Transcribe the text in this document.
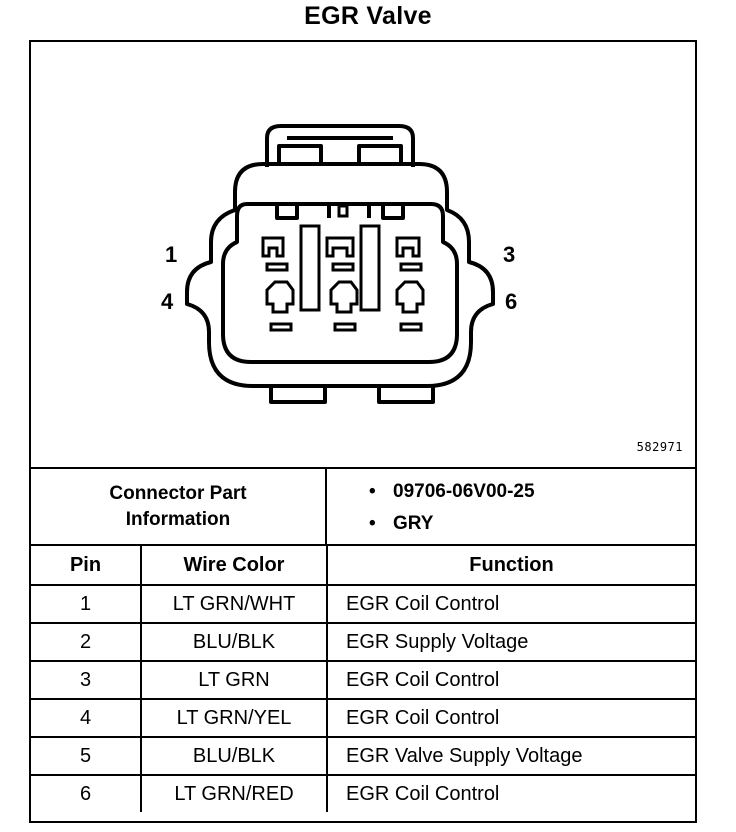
EGR Valve
1
4
3
6
582971
Connector Part
Information
• 09706-06V00-25
• GRY
Pin	Wire Color	Function
1	LT GRN/WHT	EGR Coil Control
2	BLU/BLK	EGR Supply Voltage
3	LT GRN	EGR Coil Control
4	LT GRN/YEL	EGR Coil Control
5	BLU/BLK	EGR Valve Supply Voltage
6	LT GRN/RED	EGR Coil Control
